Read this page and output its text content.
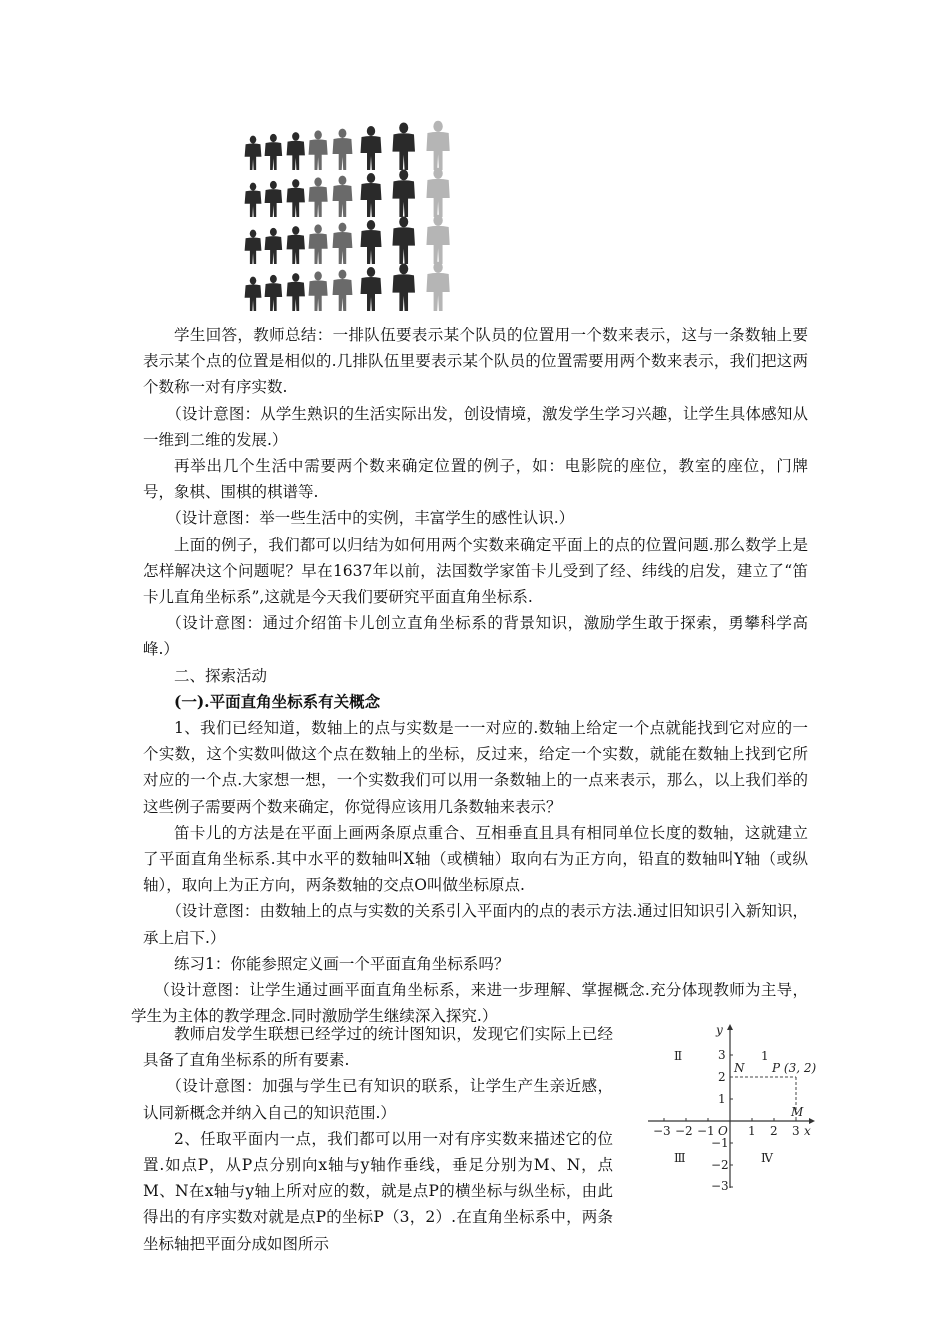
学生回答，教师总结：一排队伍要表示某个队员的位置用一个数来表示，这与一条数轴上要表示某个点的位置是相似的.几排队伍里要表示某个队员的位置需要用两个数来表示，我们把这两个数称一对有序实数.

（设计意图：从学生熟识的生活实际出发，创设情境，激发学生学习兴趣，让学生具体感知从一维到二维的发展.）

再举出几个生活中需要两个数来确定位置的例子，如：电影院的座位，教室的座位，门牌号，象棋、围棋的棋谱等.

（设计意图：举一些生活中的实例，丰富学生的感性认识.）

上面的例子，我们都可以归结为如何用两个实数来确定平面上的点的位置问题.那么数学上是怎样解决这个问题呢？早在1637年以前，法国数学家笛卡儿受到了经、纬线的启发，建立了“笛卡儿直角坐标系”,这就是今天我们要研究平面直角坐标系.

（设计意图：通过介绍笛卡儿创立直角坐标系的背景知识，激励学生敢于探索，勇攀科学高峰.）

二、探索活动

(一).平面直角坐标系有关概念

1、我们已经知道，数轴上的点与实数是一一对应的.数轴上给定一个点就能找到它对应的一个实数，这个实数叫做这个点在数轴上的坐标，反过来，给定一个实数，就能在数轴上找到它所对应的一个点.大家想一想，一个实数我们可以用一条数轴上的一点来表示，那么，以上我们举的这些例子需要两个数来确定，你觉得应该用几条数轴来表示？

笛卡儿的方法是在平面上画两条原点重合、互相垂直且具有相同单位长度的数轴，这就建立了平面直角坐标系.其中水平的数轴叫X轴（或横轴）取向右为正方向，铅直的数轴叫Y轴（或纵轴），取向上为正方向，两条数轴的交点O叫做坐标原点.

（设计意图：由数轴上的点与实数的关系引入平面内的点的表示方法.通过旧知识引入新知识，承上启下.）

练习1：你能参照定义画一个平面直角坐标系吗？

（设计意图：让学生通过画平面直角坐标系，来进一步理解、掌握概念.充分体现教师为主导，学生为主体的教学理念.同时激励学生继续深入探究.）

教师启发学生联想已经学过的统计图知识，发现它们实际上已经具备了直角坐标系的所有要素.

（设计意图：加强与学生已有知识的联系，让学生产生亲近感，认同新概念并纳入自己的知识范围.）

2、任取平面内一点，我们都可以用一对有序实数来描述它的位置.如点P，从P点分别向x轴与y轴作垂线，垂足分别为M、N，点M、N在x轴与y轴上所对应的数，就是点P的横坐标与纵坐标，由此得出的有序实数对就是点P的坐标P（3，2）.在直角坐标系中，两条坐标轴把平面分成如图所示

−3 −2 −1	1 2 3
O	x
3
2
1
−1
−2
−3
y
N P (3, 2)
M
Ⅱ	1
Ⅲ	Ⅳ
